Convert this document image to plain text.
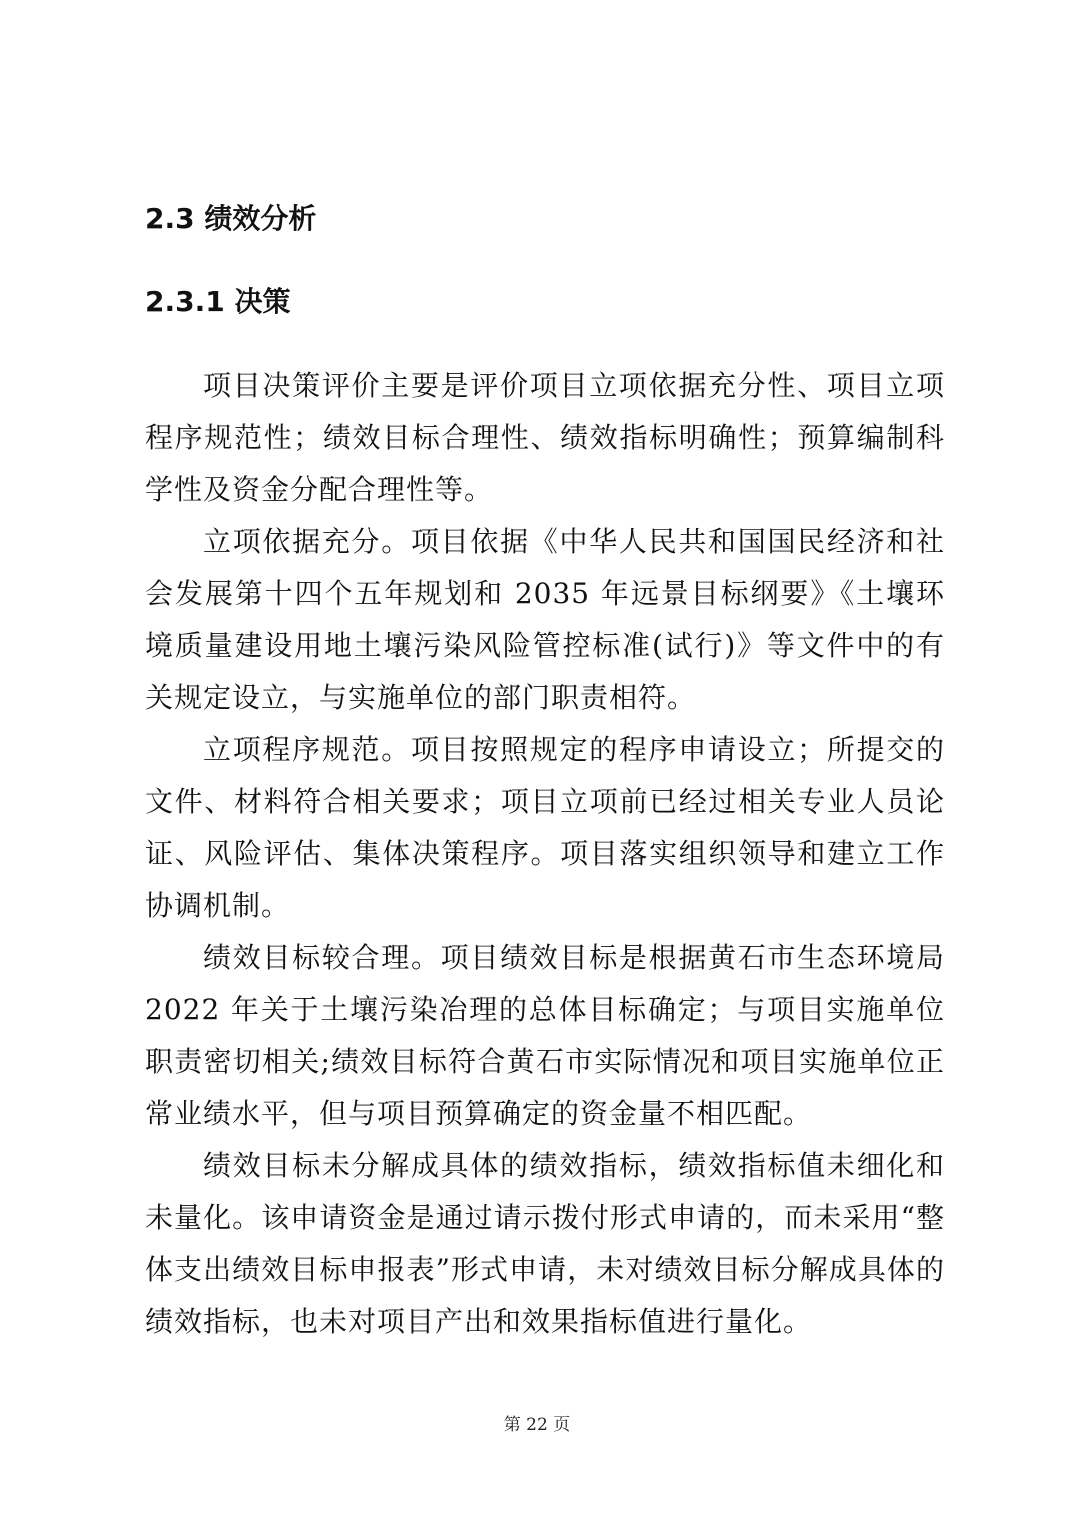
2.3 绩效分析
2.3.1 决策

项目决策评价主要是评价项目立项依据充分性、项目立项程序规范性；绩效目标合理性、绩效指标明确性；预算编制科学性及资金分配合理性等。

立项依据充分。项目依据《中华人民共和国国民经济和社会发展第十四个五年规划和 2035 年远景目标纲要》《土壤环境质量建设用地土壤污染风险管控标准(试行)》等文件中的有关规定设立，与实施单位的部门职责相符。

立项程序规范。项目按照规定的程序申请设立；所提交的文件、材料符合相关要求；项目立项前已经过相关专业人员论证、风险评估、集体决策程序。项目落实组织领导和建立工作协调机制。

绩效目标较合理。项目绩效目标是根据黄石市生态环境局 2022 年关于土壤污染冶理的总体目标确定；与项目实施单位职责密切相关;绩效目标符合黄石市实际情况和项目实施单位正常业绩水平，但与项目预算确定的资金量不相匹配。

绩效目标未分解成具体的绩效指标，绩效指标值未细化和未量化。该申请资金是通过请示拨付形式申请的，而未采用“整体支出绩效目标申报表”形式申请，未对绩效目标分解成具体的绩效指标，也未对项目产出和效果指标值进行量化。

第 22 页
